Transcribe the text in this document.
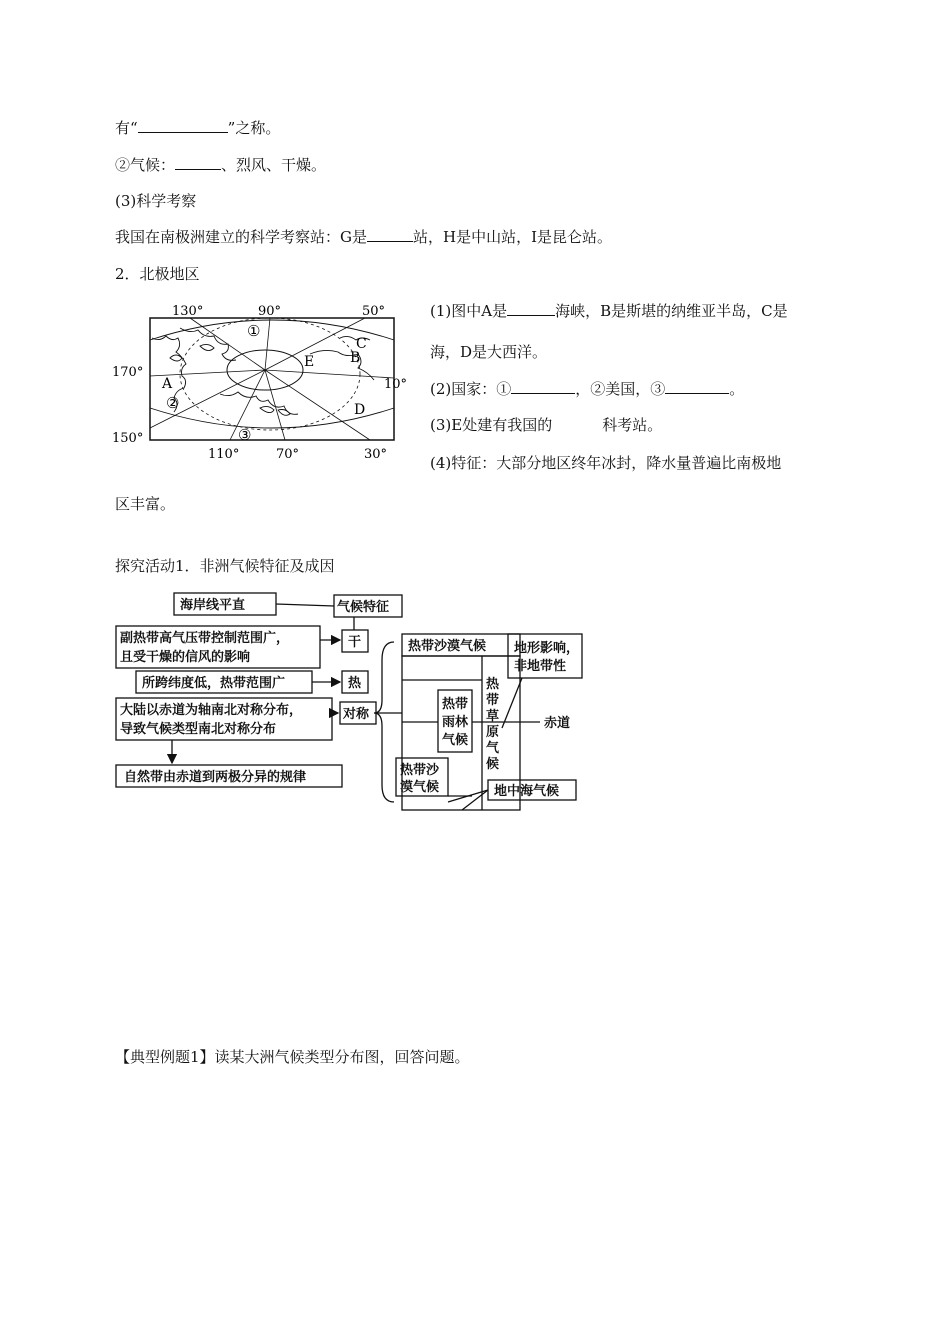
有“	”之称。
②气候：	、烈风、干燥。
(3)科学考察
我国在南极洲建立的科学考察站：G是	站，H是中山站，I是昆仑站。
2．北极地区
130°	90°	50°
110°	70°	30°
170°
150°
10°
A
B
C
D
E
①
②
③
(1)图中A是	海峡，B是斯堪的纳维亚半岛，C是
海，D是大西洋。
(2)国家：①	，②美国，③	。
(3)E处建有我国的	科考站。
(4)特征：大部分地区终年冰封，降水量普遍比南极地
区丰富。
探究活动1．非洲气候特征及成因
海岸线平直	气候特征
副热带高气压带控制范围广，
且受干燥的信风的影响
干
所跨纬度低，热带范围广	热
大陆以赤道为轴南北对称分布，
导致气候类型南北对称分布
对称
自然带由赤道到两极分异的规律
热带沙漠气候 地形影响，
非地带性
热
带
草
原
气
候
热带
雨林
气候
赤道
热带沙
漠气候	地中海气候
【典型例题1】读某大洲气候类型分布图，回答问题。
